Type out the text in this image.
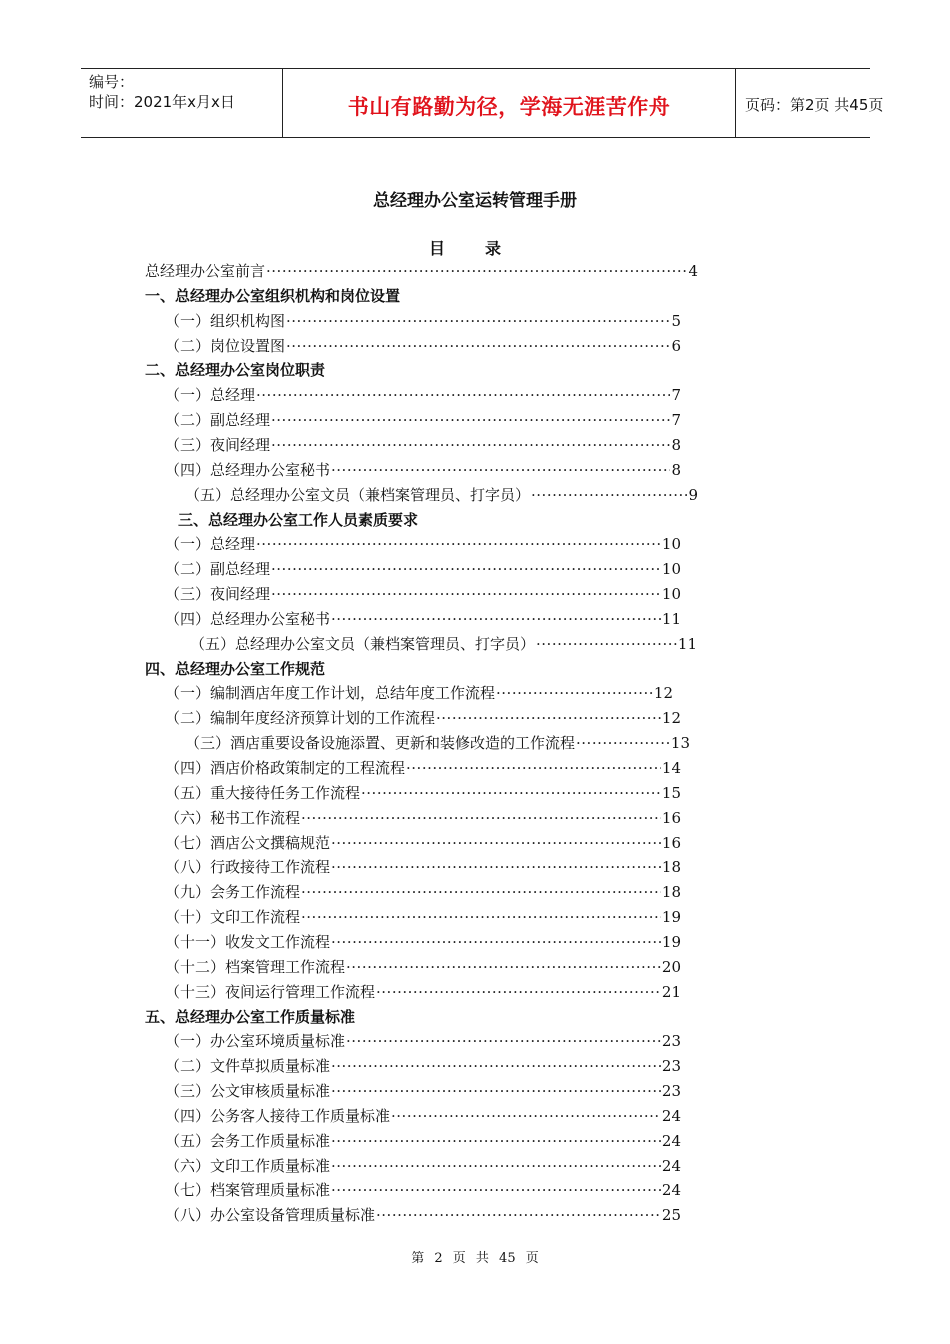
编号：
时间：2021年x月x日	书山有路勤为径，学海无涯苦作舟	页码：第2页 共45页
总经理办公室运转管理手册
目录
总经理办公室前言 ·····	4
一、总经理办公室组织机构和岗位设置
（一）组织机构图 ·····	5
（二）岗位设置图 ·····	6
二、总经理办公室岗位职责
（一）总经理 ·····	7
（二）副总经理 ·····	7
（三）夜间经理 ·····	8
（四）总经理办公室秘书 ·····	8
（五）总经理办公室文员（兼档案管理员、打字员） ·····	9
三、总经理办公室工作人员素质要求
（一）总经理 ·····	10
（二）副总经理 ·····	10
（三）夜间经理 ·····	10
（四）总经理办公室秘书 ·····	11
（五）总经理办公室文员（兼档案管理员、打字员） ·····	11
四、总经理办公室工作规范
（一）编制酒店年度工作计划，总结年度工作流程 ·····	12
（二）编制年度经济预算计划的工作流程 ·····	12
（三）酒店重要设备设施添置、更新和装修改造的工作流程 ·····	13
（四）酒店价格政策制定的工程流程 ·····	14
（五）重大接待任务工作流程 ·····	15
（六）秘书工作流程 ·····	16
（七）酒店公文撰稿规范 ·····	16
（八）行政接待工作流程 ·····	18
（九）会务工作流程 ·····	18
（十）文印工作流程 ·····	19
（十一）收发文工作流程 ·····	19
（十二）档案管理工作流程 ·····	20
（十三）夜间运行管理工作流程 ·····	21
五、总经理办公室工作质量标准
（一）办公室环境质量标准 ·····	23
（二）文件草拟质量标准 ·····	23
（三）公文审核质量标准 ·····	23
（四）公务客人接待工作质量标准 ·····	24
（五）会务工作质量标准 ·····	24
（六）文印工作质量标准 ·····	24
（七）档案管理质量标准 ·····	24
（八）办公室设备管理质量标准 ·····	25
第 2 页 共 45 页
